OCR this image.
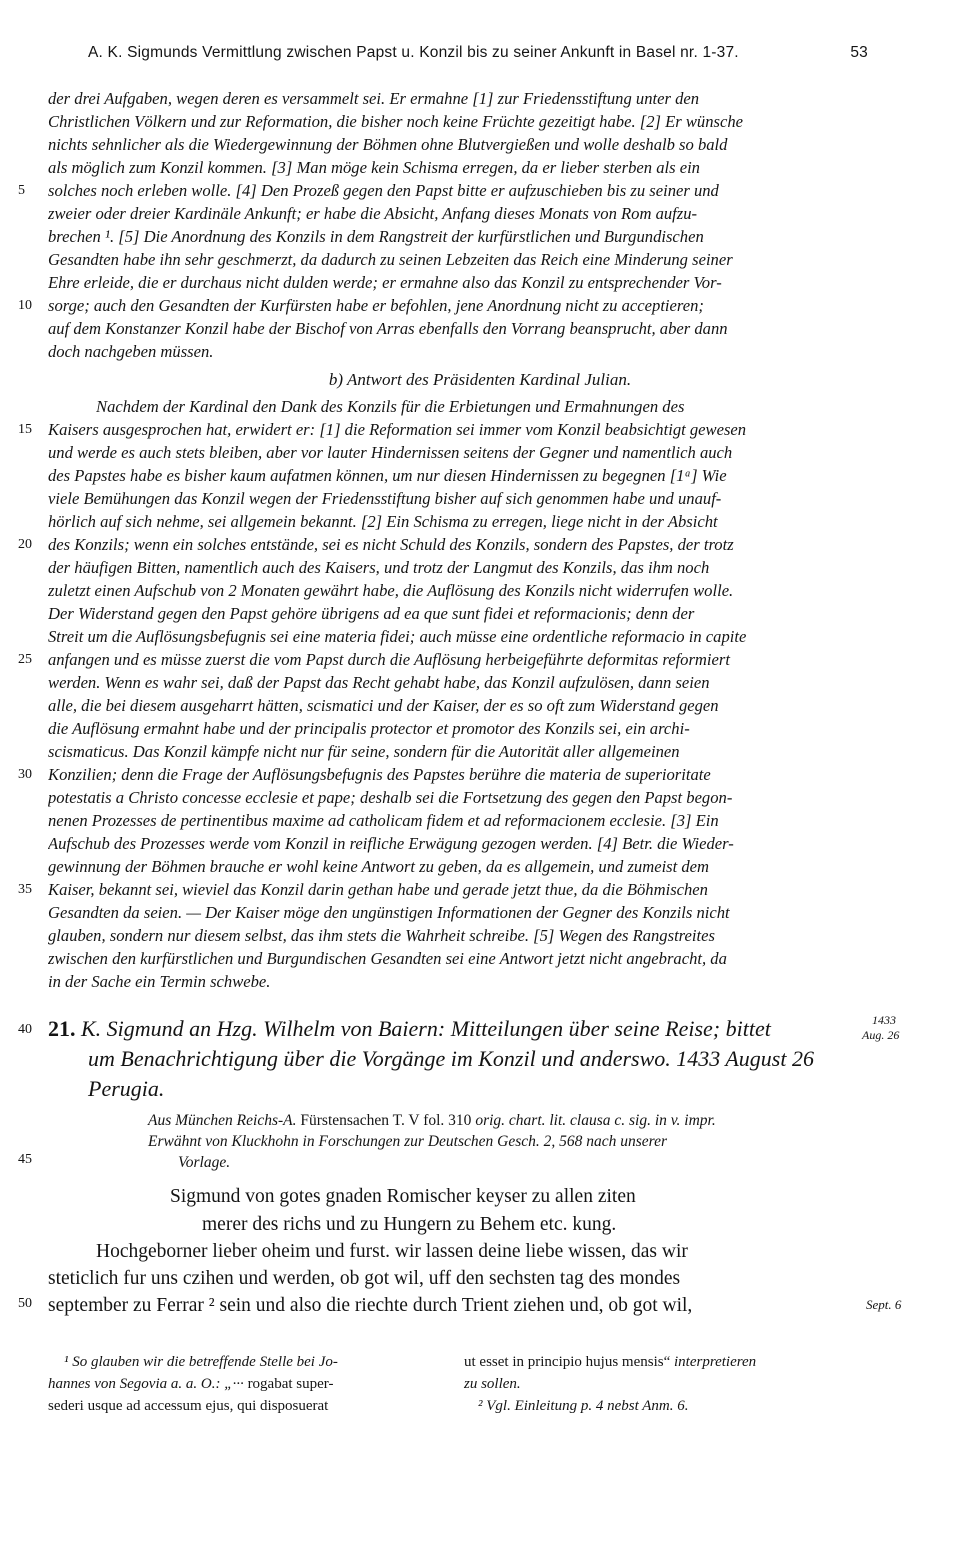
A. K. Sigmunds Vermittlung zwischen Papst u. Konzil bis zu seiner Ankunft in Basel nr. 1-37.	53
der drei Aufgaben, wegen deren es versammelt sei. Er ermahne [1] zur Friedensstiftung unter den
Christlichen Völkern und zur Reformation, die bisher noch keine Früchte gezeitigt habe. [2] Er wünsche
nichts sehnlicher als die Wiedergewinnung der Böhmen ohne Blutvergießen und wolle deshalb so bald
als möglich zum Konzil kommen. [3] Man möge kein Schisma erregen, da er lieber sterben als ein
solches noch erleben wolle. [4] Den Prozeß gegen den Papst bitte er aufzuschieben bis zu seiner und
zweier oder dreier Kardinäle Ankunft; er habe die Absicht, Anfang dieses Monats von Rom aufzu-
brechen ¹. [5] Die Anordnung des Konzils in dem Rangstreit der kurfürstlichen und Burgundischen
Gesandten habe ihn sehr geschmerzt, da dadurch zu seinen Lebzeiten das Reich eine Minderung seiner
Ehre erleide, die er durchaus nicht dulden werde; er ermahne also das Konzil zu entsprechender Vor-
sorge; auch den Gesandten der Kurfürsten habe er befohlen, jene Anordnung nicht zu acceptieren;
auf dem Konstanzer Konzil habe der Bischof von Arras ebenfalls den Vorrang beansprucht, aber dann
doch nachgeben müssen.
b) Antwort des Präsidenten Kardinal Julian.
Nachdem der Kardinal den Dank des Konzils für die Erbietungen und Ermahnungen des
Kaisers ausgesprochen hat, erwidert er: [1] die Reformation sei immer vom Konzil beabsichtigt gewesen
und werde es auch stets bleiben, aber vor lauter Hindernissen seitens der Gegner und namentlich auch
des Papstes habe es bisher kaum aufatmen können, um nur diesen Hindernissen zu begegnen [1ᵃ] Wie
viele Bemühungen das Konzil wegen der Friedensstiftung bisher auf sich genommen habe und unauf-
hörlich auf sich nehme, sei allgemein bekannt. [2] Ein Schisma zu erregen, liege nicht in der Absicht
des Konzils; wenn ein solches entstände, sei es nicht Schuld des Konzils, sondern des Papstes, der trotz
der häufigen Bitten, namentlich auch des Kaisers, und trotz der Langmut des Konzils, das ihm noch
zuletzt einen Aufschub von 2 Monaten gewährt habe, die Auflösung des Konzils nicht widerrufen wolle.
Der Widerstand gegen den Papst gehöre übrigens ad ea que sunt fidei et reformacionis; denn der
Streit um die Auflösungsbefugnis sei eine materia fidei; auch müsse eine ordentliche reformacio in capite
anfangen und es müsse zuerst die vom Papst durch die Auflösung herbeigeführte deformitas reformiert
werden. Wenn es wahr sei, daß der Papst das Recht gehabt habe, das Konzil aufzulösen, dann seien
alle, die bei diesem ausgeharrt hätten, scismatici und der Kaiser, der es so oft zum Widerstand gegen
die Auflösung ermahnt habe und der principalis protector et promotor des Konzils sei, ein archi-
scismaticus. Das Konzil kämpfe nicht nur für seine, sondern für die Autorität aller allgemeinen
Konzilien; denn die Frage der Auflösungsbefugnis des Papstes berühre die materia de superioritate
potestatis a Christo concesse ecclesie et pape; deshalb sei die Fortsetzung des gegen den Papst begon-
nenen Prozesses de pertinentibus maxime ad catholicam fidem et ad reformacionem ecclesie. [3] Ein
Aufschub des Prozesses werde vom Konzil in reifliche Erwägung gezogen werden. [4] Betr. die Wieder-
gewinnung der Böhmen brauche er wohl keine Antwort zu geben, da es allgemein, und zumeist dem
Kaiser, bekannt sei, wieviel das Konzil darin gethan habe und gerade jetzt thue, da die Böhmischen
Gesandten da seien. — Der Kaiser möge den ungünstigen Informationen der Gegner des Konzils nicht
glauben, sondern nur diesem selbst, das ihm stets die Wahrheit schreibe. [5] Wegen des Rangstreites
zwischen den kurfürstlichen und Burgundischen Gesandten sei eine Antwort jetzt nicht angebracht, da
in der Sache ein Termin schwebe.
5
10
15
20
25
30
35
40
45
50
21. K. Sigmund an Hzg. Wilhelm von Baiern: Mitteilungen über seine Reise; bittet
um Benachrichtigung über die Vorgänge im Konzil und anderswo. 1433 August 26
Perugia.
1433
Aug. 26
Aus München Reichs-A. Fürstensachen T. V fol. 310 orig. chart. lit. clausa c. sig. in v. impr.
Erwähnt von Kluckhohn in Forschungen zur Deutschen Gesch. 2, 568 nach unserer
Vorlage.
Sigmund von gotes gnaden Romischer keyser zu allen ziten
merer des richs und zu Hungern zu Behem etc. kung.
Hochgeborner lieber oheim und furst. wir lassen deine liebe wissen, das wir
steticlich fur uns czihen und werden, ob got wil, uff den sechsten tag des mondes
september zu Ferrar ² sein und also die riechte durch Trient ziehen und, ob got wil,	Sept. 6
¹ So glauben wir die betreffende Stelle bei Jo-
hannes von Segovia a. a. O.: „··· rogabat super-
sederi usque ad accessum ejus, qui disposuerat
ut esset in principio hujus mensis“ interpretieren
zu sollen.
² Vgl. Einleitung p. 4 nebst Anm. 6.
